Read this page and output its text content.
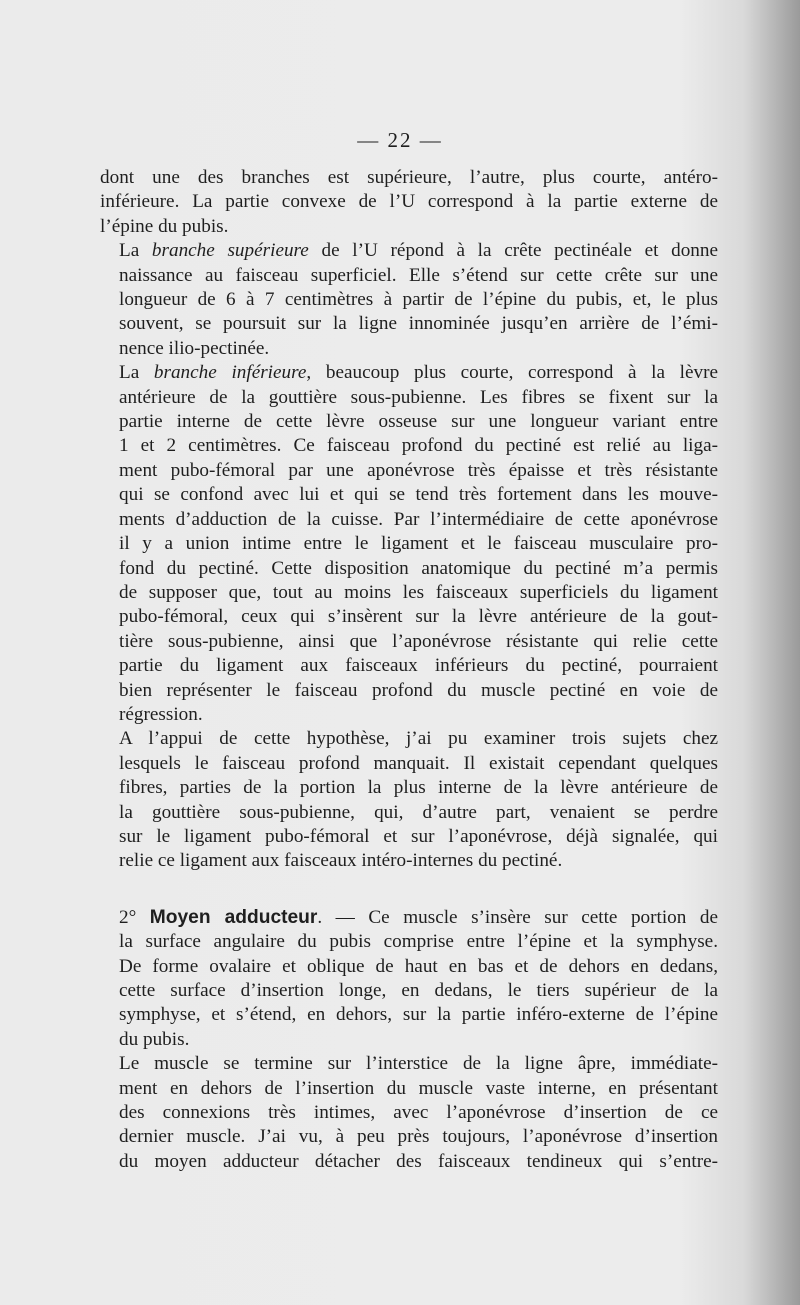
— 22 —

dont une des branches est supérieure, l’autre, plus courte, antéro-
inférieure. La partie convexe de l’U correspond à la partie externe de
l’épine du pubis.

La branche supérieure de l’U répond à la crête pectinéale et donne
naissance au faisceau superficiel. Elle s’étend sur cette crête sur une
longueur de 6 à 7 centimètres à partir de l’épine du pubis, et, le plus
souvent, se poursuit sur la ligne innominée jusqu’en arrière de l’émi-
nence ilio-pectinée.

La branche inférieure, beaucoup plus courte, correspond à la lèvre
antérieure de la gouttière sous-pubienne. Les fibres se fixent sur la
partie interne de cette lèvre osseuse sur une longueur variant entre
1 et 2 centimètres. Ce faisceau profond du pectiné est relié au liga-
ment pubo-fémoral par une aponévrose très épaisse et très résistante
qui se confond avec lui et qui se tend très fortement dans les mouve-
ments d’adduction de la cuisse. Par l’intermédiaire de cette aponévrose
il y a union intime entre le ligament et le faisceau musculaire pro-
fond du pectiné. Cette disposition anatomique du pectiné m’a permis
de supposer que, tout au moins les faisceaux superficiels du ligament
pubo-fémoral, ceux qui s’insèrent sur la lèvre antérieure de la gout-
tière sous-pubienne, ainsi que l’aponévrose résistante qui relie cette
partie du ligament aux faisceaux inférieurs du pectiné, pourraient
bien représenter le faisceau profond du muscle pectiné en voie de
régression.

A l’appui de cette hypothèse, j’ai pu examiner trois sujets chez
lesquels le faisceau profond manquait. Il existait cependant quelques
fibres, parties de la portion la plus interne de la lèvre antérieure de
la gouttière sous-pubienne, qui, d’autre part, venaient se perdre
sur le ligament pubo-fémoral et sur l’aponévrose, déjà signalée, qui
relie ce ligament aux faisceaux intéro-internes du pectiné.

2° Moyen adducteur. — Ce muscle s’insère sur cette portion de
la surface angulaire du pubis comprise entre l’épine et la symphyse.
De forme ovalaire et oblique de haut en bas et de dehors en dedans,
cette surface d’insertion longe, en dedans, le tiers supérieur de la
symphyse, et s’étend, en dehors, sur la partie inféro-externe de l’épine
du pubis.

Le muscle se termine sur l’interstice de la ligne âpre, immédiate-
ment en dehors de l’insertion du muscle vaste interne, en présentant
des connexions très intimes, avec l’aponévrose d’insertion de ce
dernier muscle. J’ai vu, à peu près toujours, l’aponévrose d’insertion
du moyen adducteur détacher des faisceaux tendineux qui s’entre-
